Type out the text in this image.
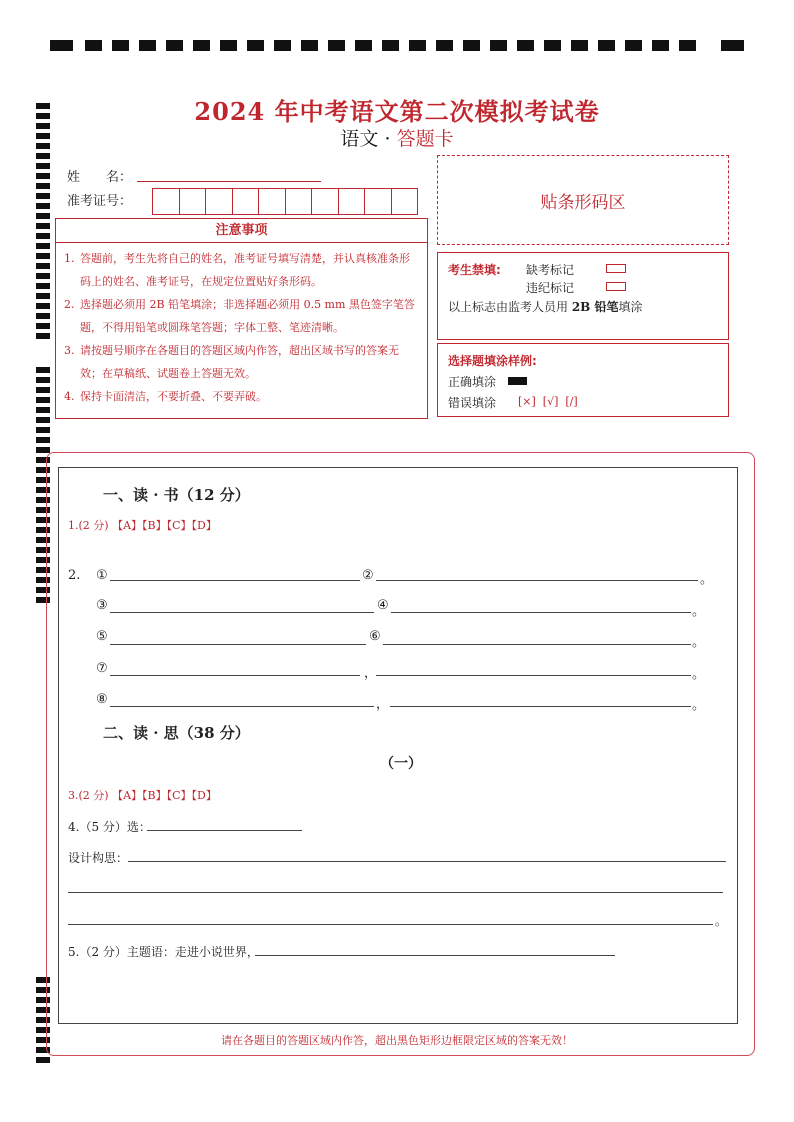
2024 年中考语文第二次模拟考试卷
语文 · 答题卡
姓　　名：
准考证号：	贴条形码区
注意事项
1. 答题前，考生先将自己的姓名，准考证号填写清楚，并认真核准条形码上的姓名、准考证号，在规定位置贴好条形码。
2. 选择题必须用 2B 铅笔填涂；非选择题必须用 0.5 mm 黑色签字笔答题，不得用铅笔或圆珠笔答题；字体工整、笔迹清晰。
3. 请按题号顺序在各题目的答题区域内作答，超出区域书写的答案无效；在草稿纸、试题卷上答题无效。
4. 保持卡面清洁，不要折叠、不要弄破。
考生禁填: 缺考标记
违纪标记
以上标志由监考人员用 2B 铅笔填涂
选择题填涂样例:
正确填涂
错误填涂 [×]  [√]  [/]
一、读 · 书（12 分）
1.(2 分) 【A】【B】【C】【D】
2. ①	②	。
③	④	。
⑤	⑥	。
⑦	，	。
⑧	，	。
二、读 · 思（38 分）
（一）
3.(2 分) 【A】【B】【C】【D】
4.（5 分）选：
设计构思：
。
5.（2 分）主题语：走进小说世界，
请在各题目的答题区域内作答，超出黑色矩形边框限定区域的答案无效！
